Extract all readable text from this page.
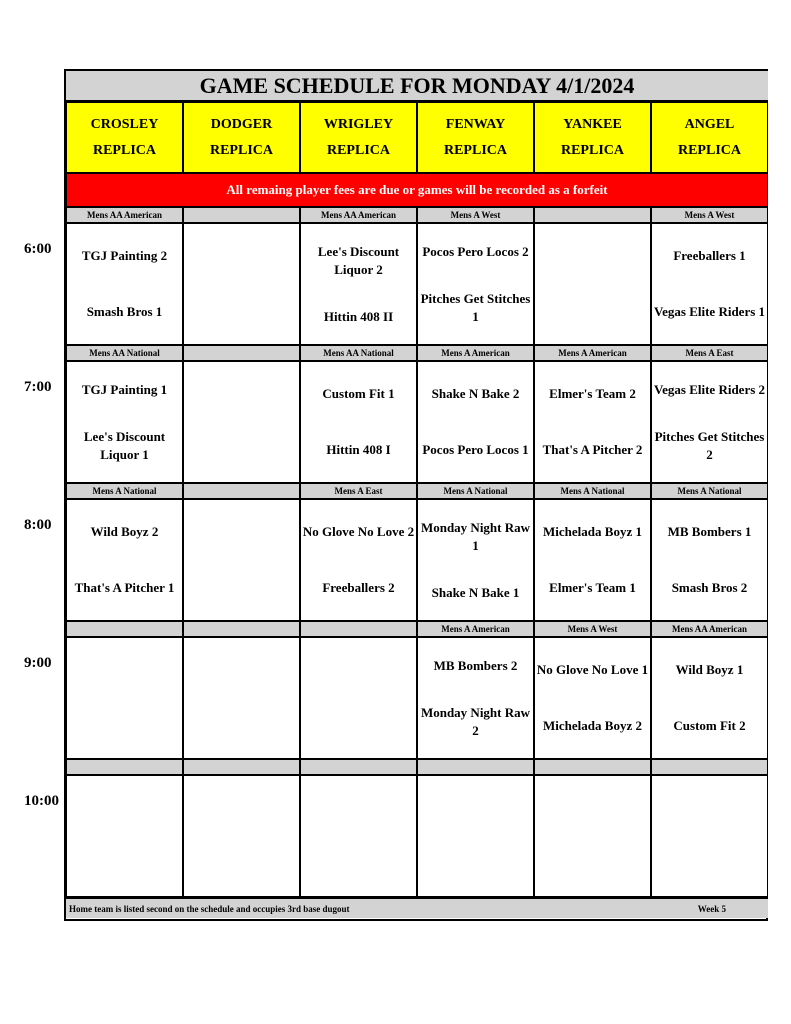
GAME SCHEDULE FOR MONDAY 4/1/2024
CROSLEY
REPLICA
DODGER
REPLICA
WRIGLEY
REPLICA
FENWAY
REPLICA
YANKEE
REPLICA
ANGEL
REPLICA
All remaing player fees are due or games will be recorded as a forfeit
Mens AA American
TGJ Painting 2
Smash Bros 1
Mens AA American
Lee's Discount Liquor 2
Hittin 408 II
Mens A West
Pocos Pero Locos 2
Pitches Get Stitches 1
Mens A West
Freeballers 1
Vegas Elite Riders 1
Mens AA National
TGJ Painting 1
Lee's Discount Liquor 1
Mens AA National
Custom Fit 1
Hittin 408 I
Mens A American
Shake N Bake 2
Pocos Pero Locos 1
Mens A American
Elmer's Team 2
That's A Pitcher 2
Mens A East
Vegas Elite Riders 2
Pitches Get Stitches 2
Mens A National
Wild Boyz 2
That's A Pitcher 1
Mens A East
No Glove No Love 2
Freeballers 2
Mens A National
Monday Night Raw 1
Shake N Bake 1
Mens A National
Michelada Boyz 1
Elmer's Team 1
Mens A National
MB Bombers 1
Smash Bros 2
Mens A American
MB Bombers 2
Monday Night Raw 2
Mens A West
No Glove No Love 1
Michelada Boyz 2
Mens AA American
Wild Boyz 1
Custom Fit 2
Home team is listed second on the schedule and occupies 3rd base dugout	Week 5
6:00
7:00
8:00
9:00
10:00
